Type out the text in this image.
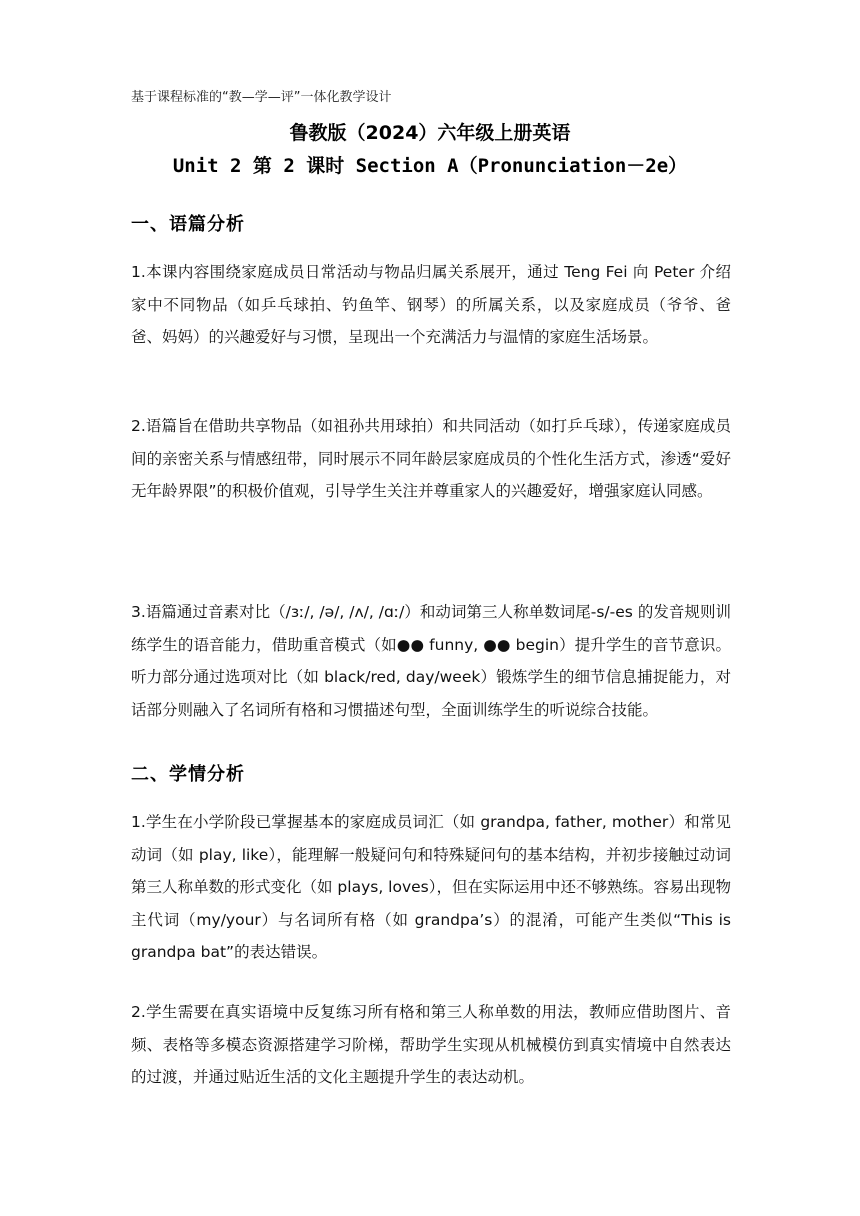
基于课程标准的“教—学—评”一体化教学设计
鲁教版（2024）六年级上册英语
Unit 2 第 2 课时 Section A（Pronunciation－2e）
一、语篇分析
1.本课内容围绕家庭成员日常活动与物品归属关系展开，通过 Teng Fei 向 Peter 介绍家中不同物品（如乒乓球拍、钓鱼竿、钢琴）的所属关系，以及家庭成员（爷爷、爸爸、妈妈）的兴趣爱好与习惯，呈现出一个充满活力与温情的家庭生活场景。
2.语篇旨在借助共享物品（如祖孙共用球拍）和共同活动（如打乒乓球），传递家庭成员间的亲密关系与情感纽带，同时展示不同年龄层家庭成员的个性化生活方式，渗透“爱好无年龄界限”的积极价值观，引导学生关注并尊重家人的兴趣爱好，增强家庭认同感。
3.语篇通过音素对比（/ɜː/, /ə/, /ʌ/, /ɑː/）和动词第三人称单数词尾-s/-es 的发音规则训练学生的语音能力，借助重音模式（如●● funny, ●● begin）提升学生的音节意识。听力部分通过选项对比（如 black/red, day/week）锻炼学生的细节信息捕捉能力，对话部分则融入了名词所有格和习惯描述句型，全面训练学生的听说综合技能。
二、学情分析
1.学生在小学阶段已掌握基本的家庭成员词汇（如 grandpa, father, mother）和常见动词（如 play, like），能理解一般疑问句和特殊疑问句的基本结构，并初步接触过动词第三人称单数的形式变化（如 plays, loves），但在实际运用中还不够熟练。容易出现物主代词（my/your）与名词所有格（如 grandpa’s）的混淆，可能产生类似“This is grandpa bat”的表达错误。
2.学生需要在真实语境中反复练习所有格和第三人称单数的用法，教师应借助图片、音频、表格等多模态资源搭建学习阶梯，帮助学生实现从机械模仿到真实情境中自然表达的过渡，并通过贴近生活的文化主题提升学生的表达动机。
